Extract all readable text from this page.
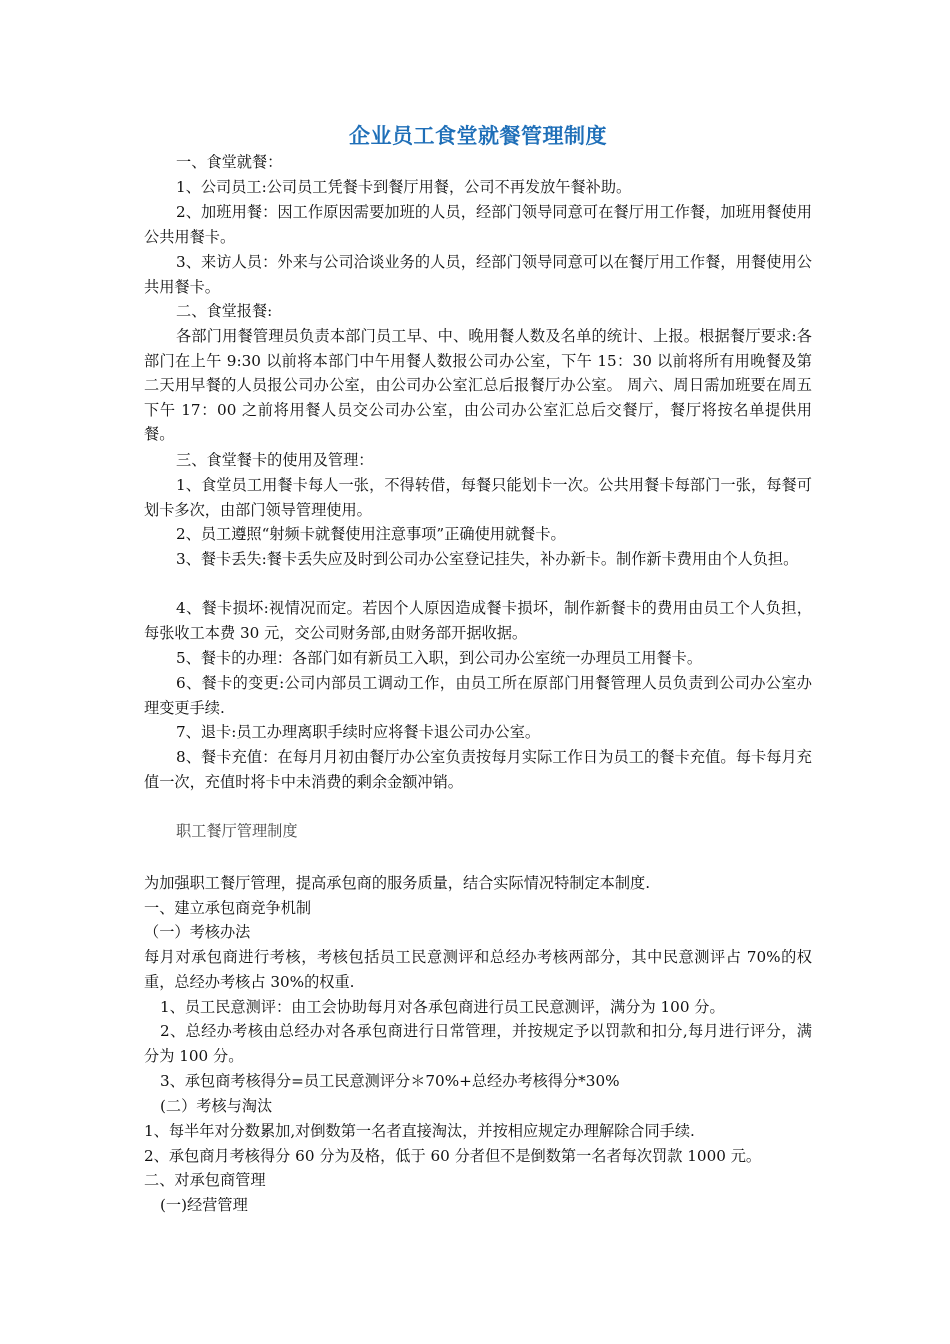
企业员工食堂就餐管理制度
一、食堂就餐：
1、公司员工:公司员工凭餐卡到餐厅用餐，公司不再发放午餐补助。
2、加班用餐：因工作原因需要加班的人员，经部门领导同意可在餐厅用工作餐，加班用餐使用公共用餐卡。
3、来访人员：外来与公司洽谈业务的人员，经部门领导同意可以在餐厅用工作餐，用餐使用公共用餐卡。
二、食堂报餐:
各部门用餐管理员负责本部门员工早、中、晚用餐人数及名单的统计、上报。根据餐厅要求:各部门在上午 9:30 以前将本部门中午用餐人数报公司办公室，下午 15：30 以前将所有用晚餐及第二天用早餐的人员报公司办公室，由公司办公室汇总后报餐厅办公室。 周六、周日需加班要在周五下午 17：00 之前将用餐人员交公司办公室，由公司办公室汇总后交餐厅，餐厅将按名单提供用餐。
三、食堂餐卡的使用及管理：
1、食堂员工用餐卡每人一张，不得转借，每餐只能划卡一次。公共用餐卡每部门一张，每餐可划卡多次，由部门领导管理使用。
2、员工遵照“射频卡就餐使用注意事项”正确使用就餐卡。
3、餐卡丢失:餐卡丢失应及时到公司办公室登记挂失，补办新卡。制作新卡费用由个人负担。
4、餐卡损坏:视情况而定。若因个人原因造成餐卡损坏，制作新餐卡的费用由员工个人负担，每张收工本费 30 元，交公司财务部,由财务部开据收据。
5、餐卡的办理：各部门如有新员工入职，到公司办公室统一办理员工用餐卡。
6、餐卡的变更:公司内部员工调动工作，由员工所在原部门用餐管理人员负责到公司办公室办理变更手续.
7、退卡:员工办理离职手续时应将餐卡退公司办公室。
8、餐卡充值：在每月月初由餐厅办公室负责按每月实际工作日为员工的餐卡充值。每卡每月充值一次，充值时将卡中未消费的剩余金额冲销。
职工餐厅管理制度
为加强职工餐厅管理，提高承包商的服务质量，结合实际情况特制定本制度.
一、建立承包商竞争机制
（一）考核办法
每月对承包商进行考核，考核包括员工民意测评和总经办考核两部分，其中民意测评占 70%的权重，总经办考核占 30%的权重.
1、员工民意测评：由工会协助每月对各承包商进行员工民意测评，满分为 100 分。
2、总经办考核由总经办对各承包商进行日常管理，并按规定予以罚款和扣分,每月进行评分，满分为 100 分。
3、承包商考核得分=员工民意测评分＊70%+总经办考核得分*30%
(二）考核与淘汰
1、每半年对分数累加,对倒数第一名者直接淘汰，并按相应规定办理解除合同手续.
2、承包商月考核得分 60 分为及格，低于 60 分者但不是倒数第一名者每次罚款 1000 元。
二、对承包商管理
(一)经营管理
